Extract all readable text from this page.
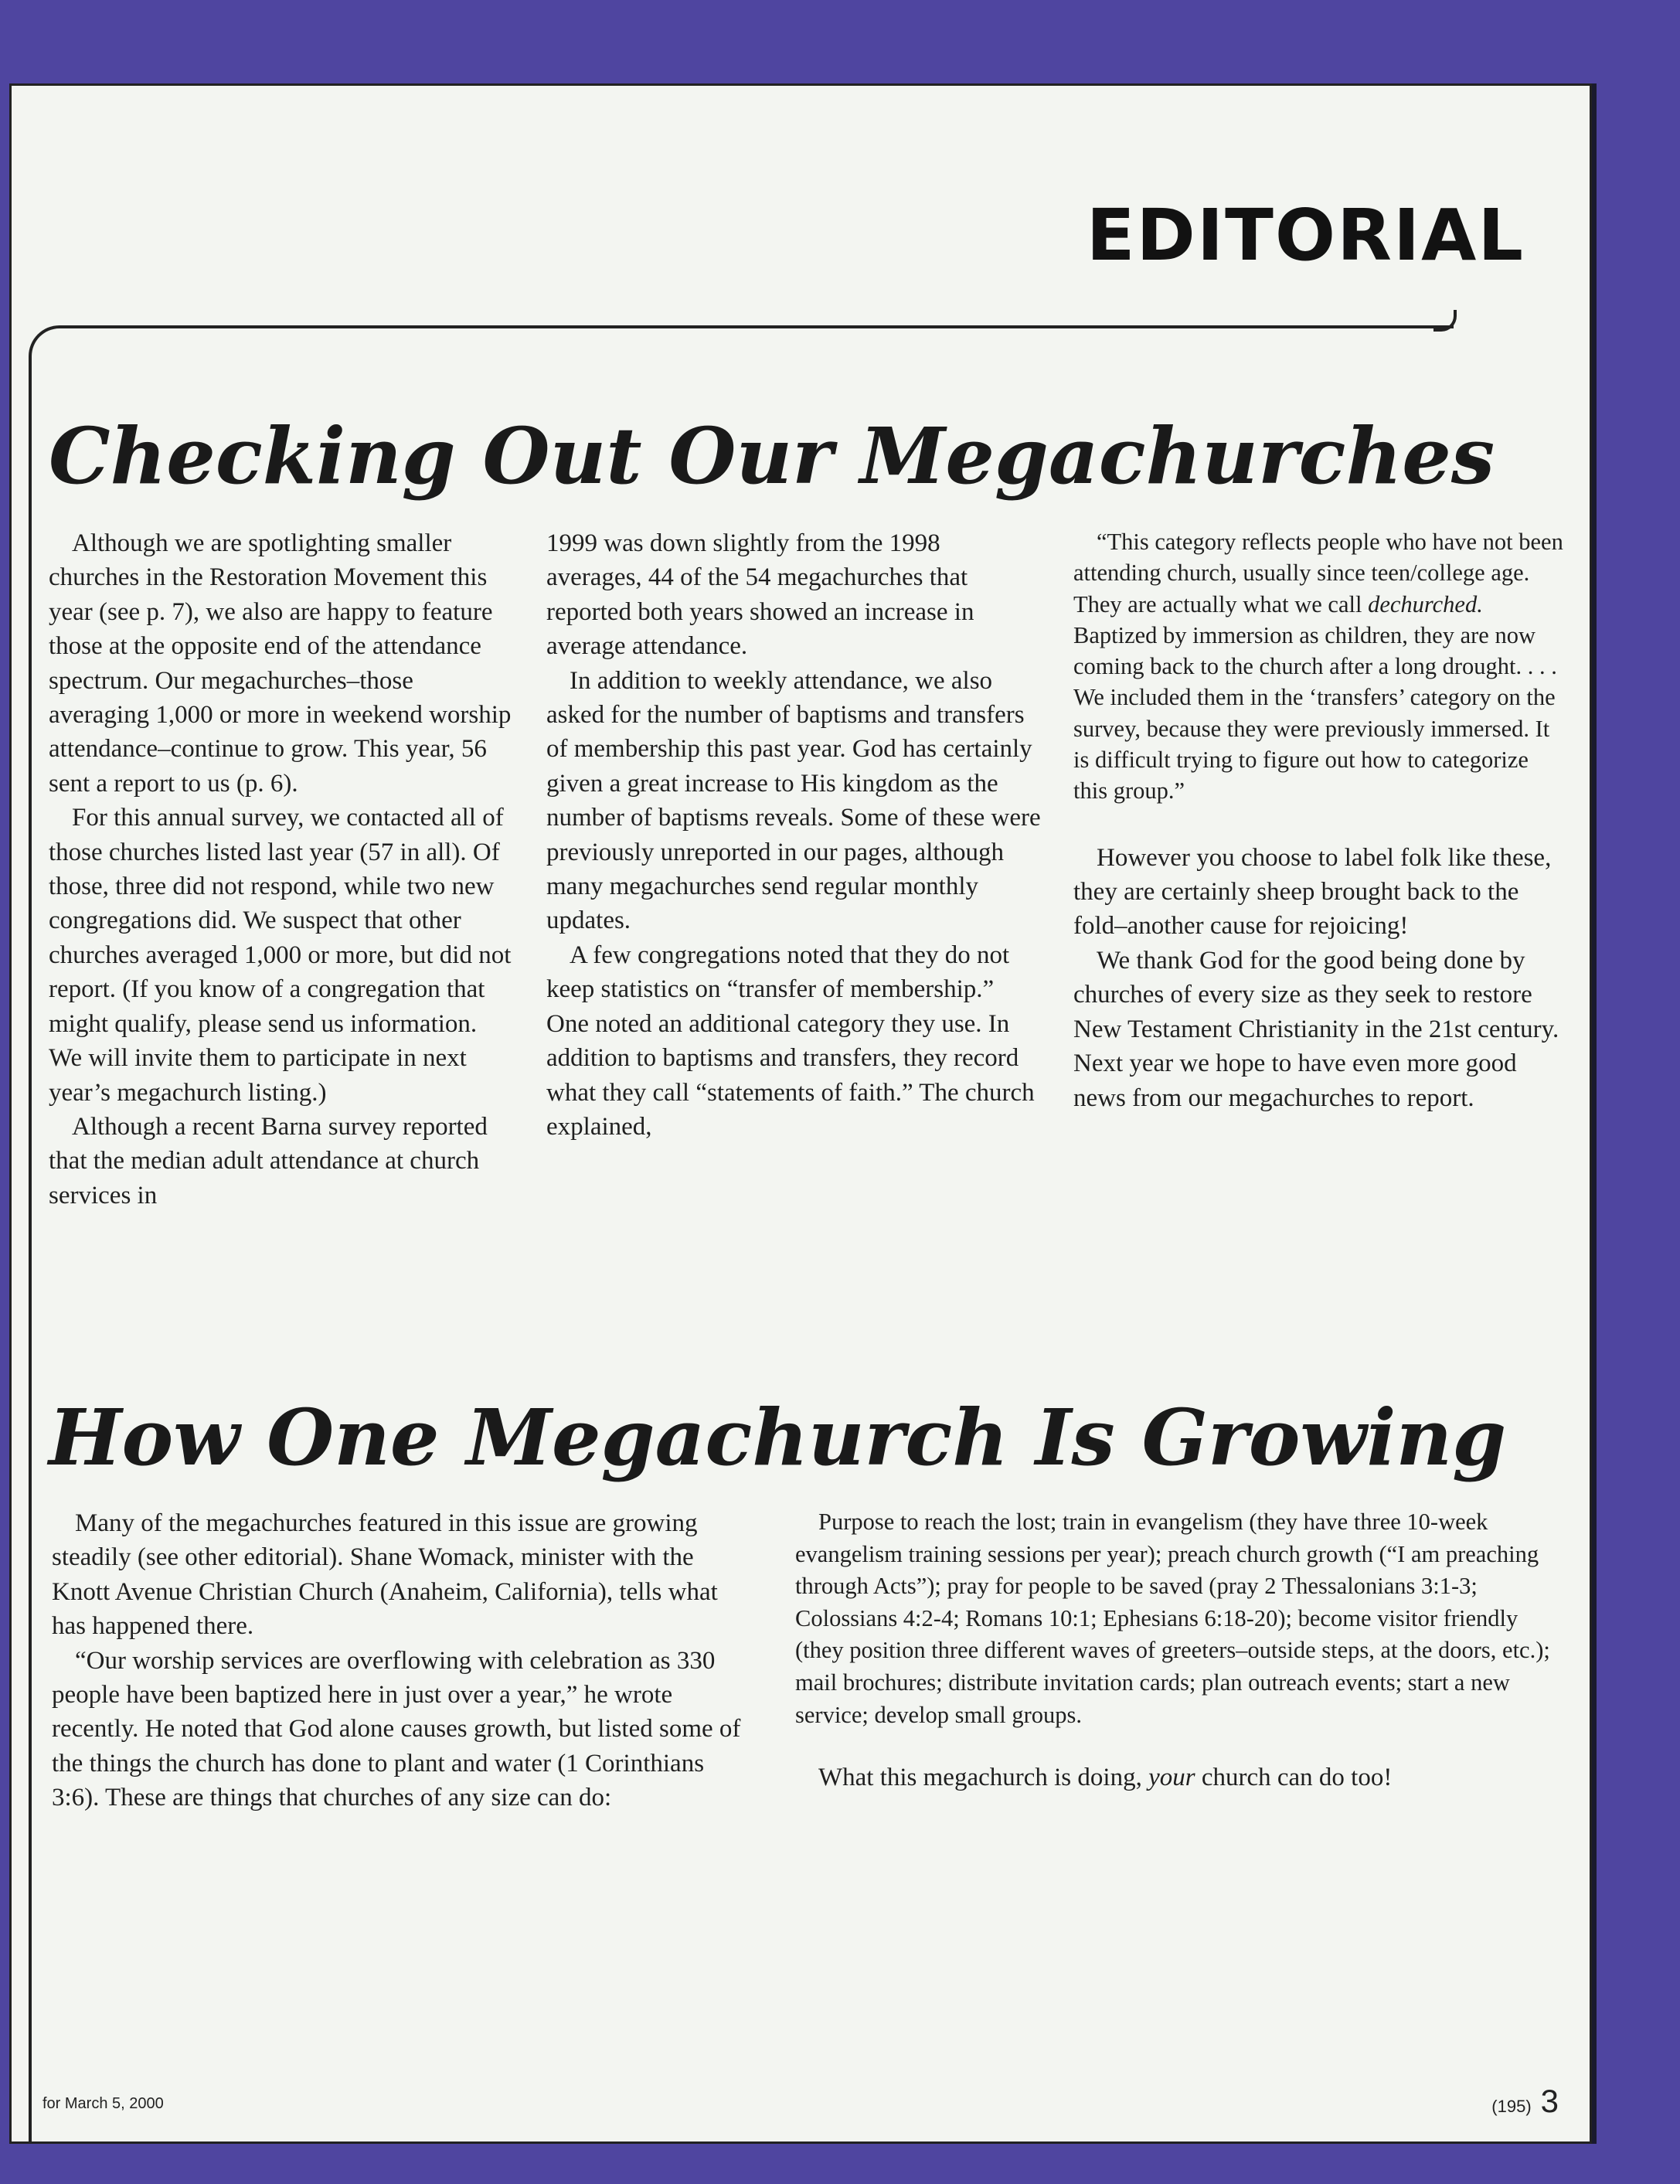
EDITORIAL
Checking Out Our Megachurches

Although we are spotlighting smaller churches in the Restoration Movement this year (see p. 7), we also are happy to feature those at the opposite end of the attendance spectrum. Our megachurches–those averaging 1,000 or more in weekend worship attendance–continue to grow. This year, 56 sent a report to us (p. 6).

For this annual survey, we contacted all of those churches listed last year (57 in all). Of those, three did not respond, while two new congregations did. We suspect that other churches averaged 1,000 or more, but did not report. (If you know of a congregation that might qualify, please send us information. We will invite them to participate in next year’s megachurch listing.)

Although a recent Barna survey reported that the median adult attendance at church services in

1999 was down slightly from the 1998 averages, 44 of the 54 megachurches that reported both years showed an increase in average attendance.

In addition to weekly attendance, we also asked for the number of baptisms and transfers of membership this past year. God has certainly given a great increase to His kingdom as the number of baptisms reveals. Some of these were previously unreported in our pages, although many megachurches send regular monthly updates.

A few congregations noted that they do not keep statistics on “transfer of membership.” One noted an additional category they use. In addition to baptisms and transfers, they record what they call “statements of faith.” The church explained,

“This category reflects people who have not been attending church, usually since teen/college age. They are actually what we call dechurched. Baptized by immersion as children, they are now coming back to the church after a long drought. . . . We included them in the ‘transfers’ category on the survey, because they were previously immersed. It is difficult trying to figure out how to categorize this group.”

However you choose to label folk like these, they are certainly sheep brought back to the fold–another cause for rejoicing!

We thank God for the good being done by churches of every size as they seek to restore New Testament Christianity in the 21st century. Next year we hope to have even more good news from our megachurches to report.

How One Megachurch Is Growing

Many of the megachurches featured in this issue are growing steadily (see other editorial). Shane Womack, minister with the Knott Avenue Christian Church (Anaheim, California), tells what has happened there.

“Our worship services are overflowing with celebration as 330 people have been baptized here in just over a year,” he wrote recently. He noted that God alone causes growth, but listed some of the things the church has done to plant and water (1 Corinthians 3:6). These are things that churches of any size can do:

Purpose to reach the lost; train in evangelism (they have three 10-week evangelism training sessions per year); preach church growth (“I am preaching through Acts”); pray for people to be saved (pray 2 Thessalonians 3:1-3; Colossians 4:2-4; Romans 10:1; Ephesians 6:18-20); become visitor friendly (they position three different waves of greeters–outside steps, at the doors, etc.); mail brochures; distribute invitation cards; plan outreach events; start a new service; develop small groups.

What this megachurch is doing, your church can do too!

for March 5, 2000	(195) 3
